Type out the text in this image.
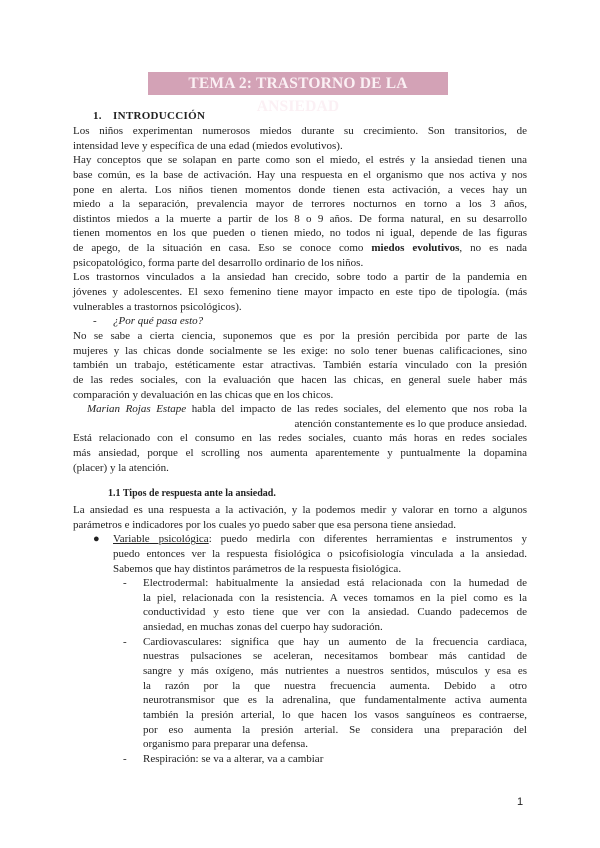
TEMA 2: TRASTORNO DE LA ANSIEDAD
1. INTRODUCCIÓN
Los niños experimentan numerosos miedos durante su crecimiento. Son transitorios, de
intensidad leve y específica de una edad (miedos evolutivos).
Hay conceptos que se solapan en parte como son el miedo, el estrés y la ansiedad tienen una
base común, es la base de activación. Hay una respuesta en el organismo que nos activa y nos
pone en alerta. Los niños tienen momentos donde tienen esta activación, a veces hay un
miedo a la separación, prevalencia mayor de terrores nocturnos en torno a los 3 años,
distintos miedos a la muerte a partir de los 8 o 9 años. De forma natural, en su desarrollo
tienen momentos en los que pueden o tienen miedo, no todos ni igual, depende de las figuras
de apego, de la situación en casa. Eso se conoce como miedos evolutivos, no es nada
psicopatológico, forma parte del desarrollo ordinario de los niños.
Los trastornos vinculados a la ansiedad han crecido, sobre todo a partir de la pandemia en
jóvenes y adolescentes. El sexo femenino tiene mayor impacto en este tipo de tipología. (más
vulnerables a trastornos psicológicos).
- ¿Por qué pasa esto?
No se sabe a cierta ciencia, suponemos que es por la presión percibida por parte de las
mujeres y las chicas donde socialmente se les exige: no solo tener buenas calificaciones, sino
también un trabajo, estéticamente estar atractivas. También estaría vinculado con la presión
de las redes sociales, con la evaluación que hacen las chicas, en general suele haber más
comparación y devaluación en las chicas que en los chicos.
Marian Rojas Estape habla del impacto de las redes sociales, del elemento que nos roba la
atención constantemente es lo que produce ansiedad.
Está relacionado con el consumo en las redes sociales, cuanto más horas en redes sociales
más ansiedad, porque el scrolling nos aumenta aparentemente y puntualmente la dopamina
(placer) y la atención.
1.1 Tipos de respuesta ante la ansiedad.
La ansiedad es una respuesta a la activación, y la podemos medir y valorar en torno a algunos
parámetros e indicadores por los cuales yo puedo saber que esa persona tiene ansiedad.
● Variable psicológica: puedo medirla con diferentes herramientas e instrumentos y
puedo entonces ver la respuesta fisiológica o psicofisiología vinculada a la ansiedad.
Sabemos que hay distintos parámetros de la respuesta fisiológica.
- Electrodermal: habitualmente la ansiedad está relacionada con la humedad de
la piel, relacionada con la resistencia. A veces tomamos en la piel como es la
conductividad y esto tiene que ver con la ansiedad. Cuando padecemos de
ansiedad, en muchas zonas del cuerpo hay sudoración.
- Cardiovasculares: significa que hay un aumento de la frecuencia cardiaca,
nuestras pulsaciones se aceleran, necesitamos bombear más cantidad de
sangre y más oxígeno, más nutrientes a nuestros sentidos, músculos y esa es
la razón por la que nuestra frecuencia aumenta. Debido a otro
neurotransmisor que es la adrenalina, que fundamentalmente activa aumenta
también la presión arterial, lo que hacen los vasos sanguíneos es contraerse,
por eso aumenta la presión arterial. Se considera una preparación del
organismo para preparar una defensa.
- Respiración: se va a alterar, va a cambiar
1
